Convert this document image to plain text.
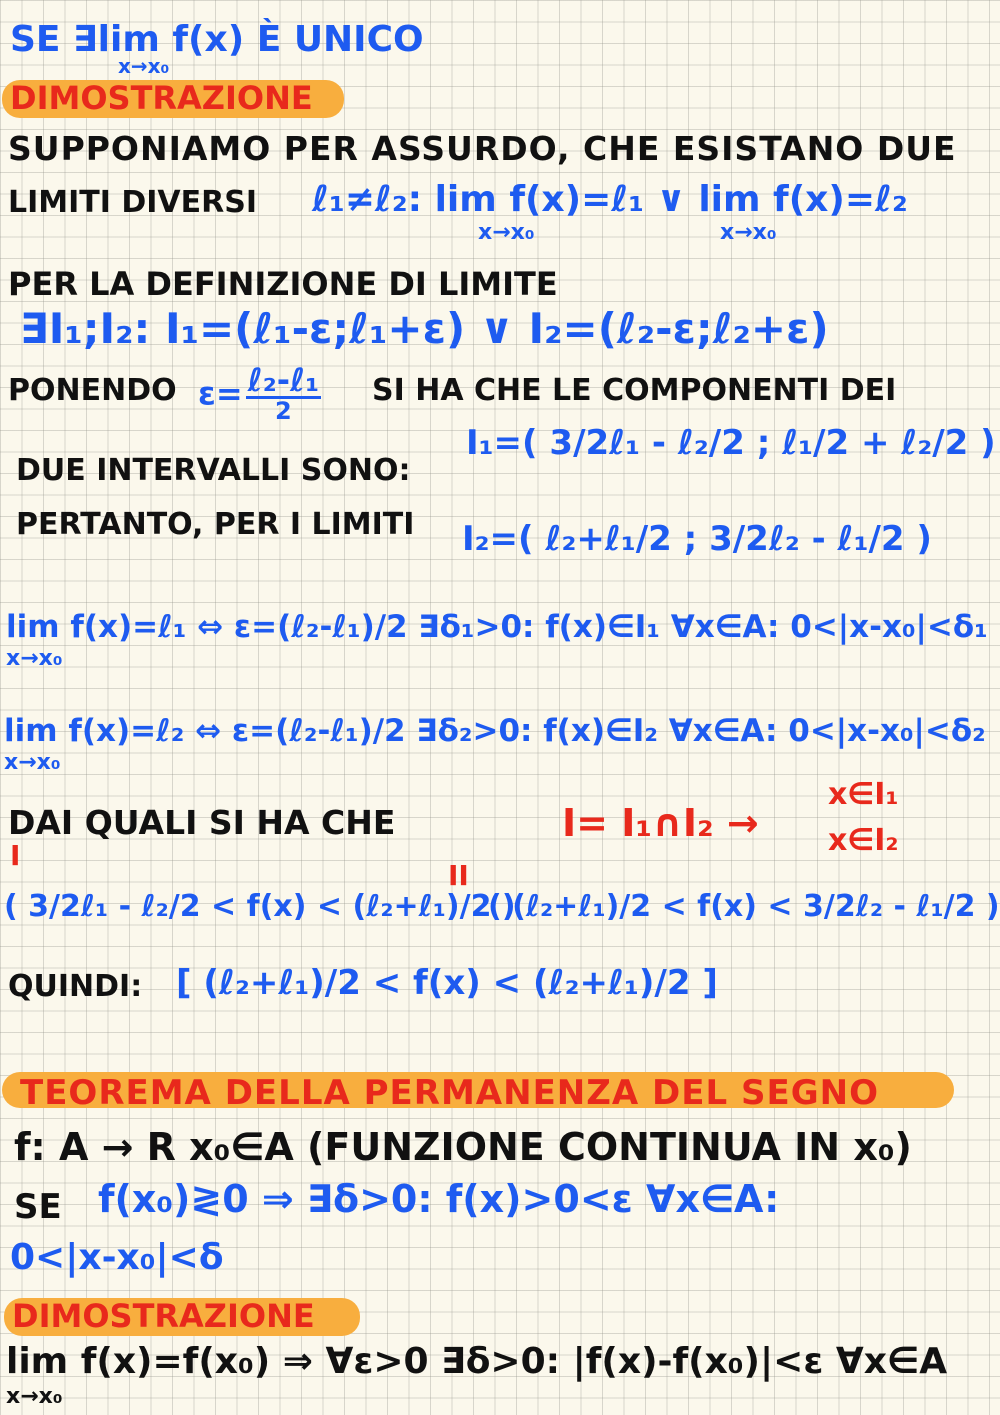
SE ∃lim f(x) È UNICO
x→x₀
DIMOSTRAZIONE
SUPPONIAMO PER ASSURDO, CHE ESISTANO DUE
LIMITI DIVERSI ℓ₁≠ℓ₂: lim f(x)=ℓ₁ ∨ lim f(x)=ℓ₂
x→x₀	x→x₀
PER LA DEFINIZIONE DI LIMITE
∃I₁;I₂: I₁=(ℓ₁-ε;ℓ₁+ε) ∨ I₂=(ℓ₂-ε;ℓ₂+ε)
PONENDO $\varepsilon= \frac{\text{ℓ₂-ℓ₁}}{2}$ SI HA CHE LE COMPONENTI DEI
I₁=( 3/2ℓ₁ - ℓ₂/2 ; ℓ₁/2 + ℓ₂/2 )
DUE INTERVALLI SONO:
PERTANTO, PER I LIMITI I₂=( ℓ₂+ℓ₁/2 ; 3/2ℓ₂ - ℓ₁/2 )
lim f(x)=ℓ₁ ⇔ ε=(ℓ₂-ℓ₁)/2 ∃δ₁>0: f(x)∈I₁ ∀x∈A: 0<|x-x₀|<δ₁
x→x₀
lim f(x)=ℓ₂ ⇔ ε=(ℓ₂-ℓ₁)/2 ∃δ₂>0: f(x)∈I₂ ∀x∈A: 0<|x-x₀|<δ₂
x→x₀
DAI QUALI SI HA CHE	I= I₁∩I₂ →
x∈I₁
x∈I₂
I
II
( 3/2ℓ₁ - ℓ₂/2 < f(x) < (ℓ₂+ℓ₁)/2 )
( (ℓ₂+ℓ₁)/2 < f(x) < 3/2ℓ₂ - ℓ₁/2 )
QUINDI: [ (ℓ₂+ℓ₁)/2 < f(x) < (ℓ₂+ℓ₁)/2 ]
TEOREMA DELLA PERMANENZA DEL SEGNO
f: A → R x₀∈A (FUNZIONE CONTINUA IN x₀)
SE f(x₀)≷0 ⇒ ∃δ>0: f(x)>0<ε ∀x∈A:
0<|x-x₀|<δ
DIMOSTRAZIONE
lim f(x)=f(x₀) ⇒ ∀ε>0 ∃δ>0: |f(x)-f(x₀)|<ε ∀x∈A
x→x₀
